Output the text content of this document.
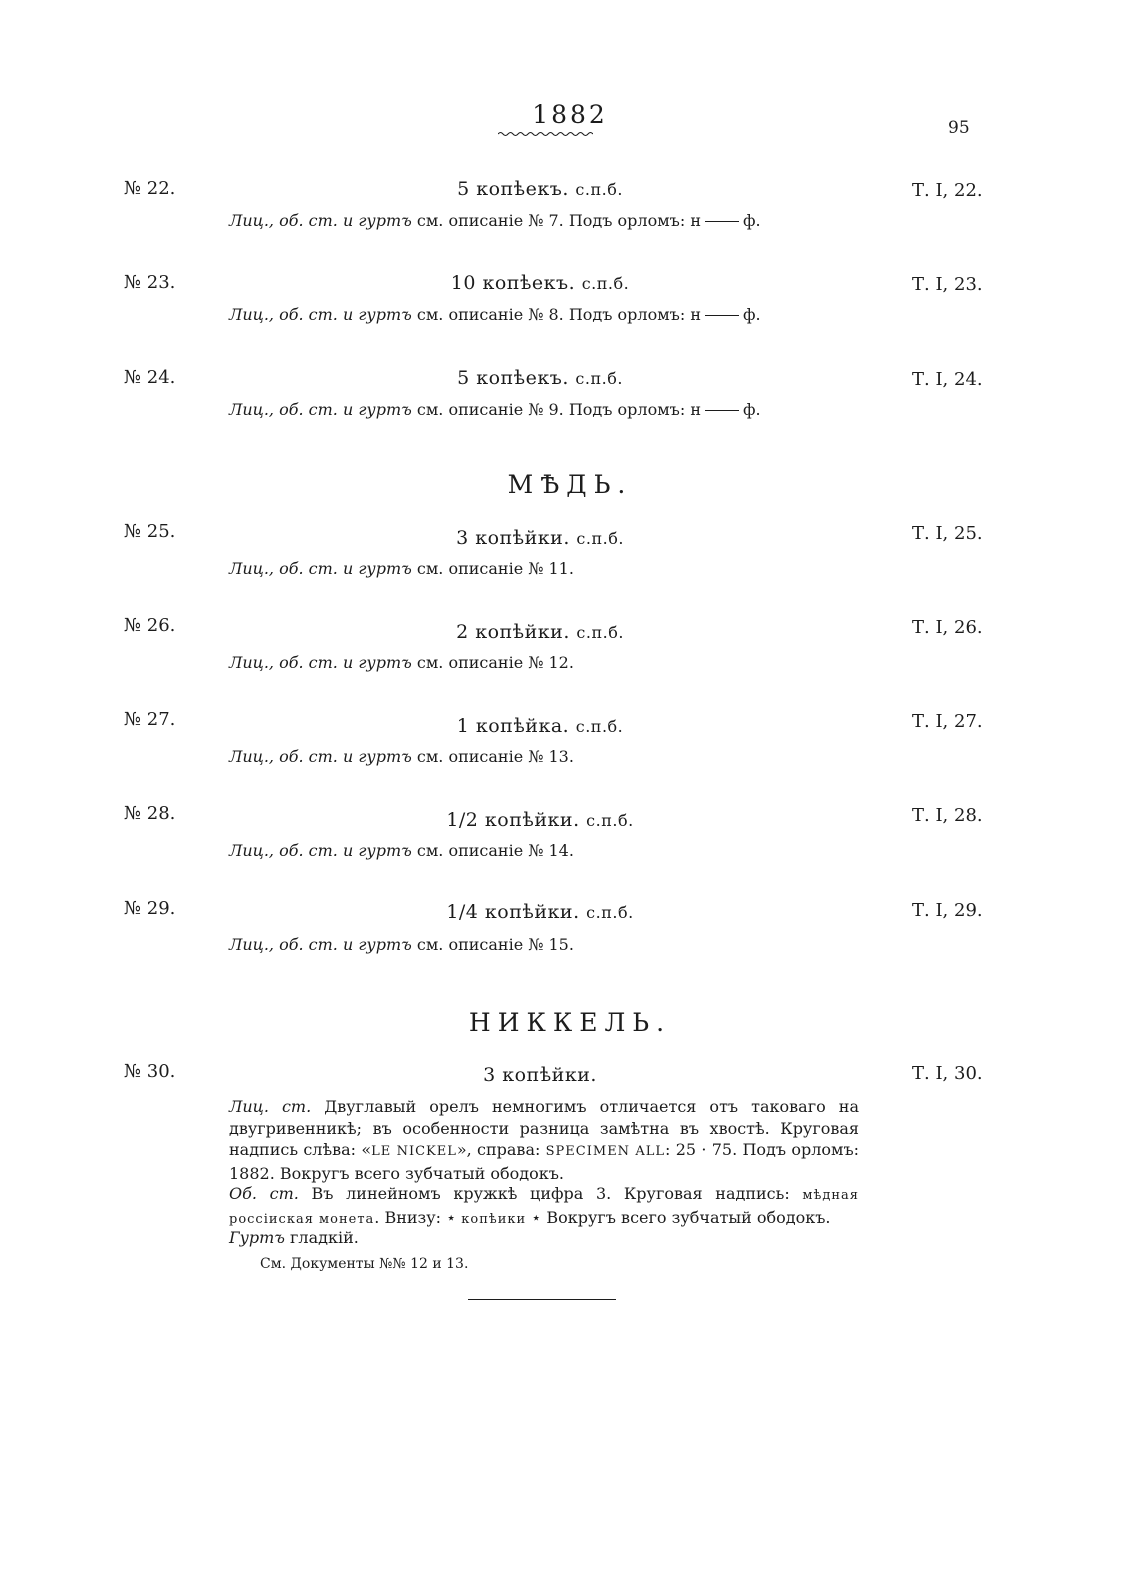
1882	95
№ 22.	5 копѣекъ. с.п.б.	Т. I, 22.
Лиц., об. ст. и гуртъ см. описаніе № 7. Подъ орломъ: н	ф.
№ 23.	10 копѣекъ. с.п.б.	Т. I, 23.
Лиц., об. ст. и гуртъ см. описаніе № 8. Подъ орломъ: н	ф.
№ 24.	5 копѣекъ. с.п.б.	Т. I, 24.
Лиц., об. ст. и гуртъ см. описаніе № 9. Подъ орломъ: н	ф.
МѢДЬ.
№ 25.	3 копѣйки. с.п.б.	Т. I, 25.
Лиц., об. ст. и гуртъ см. описаніе № 11.
№ 26.	2 копѣйки. с.п.б.	Т. I, 26.
Лиц., об. ст. и гуртъ см. описаніе № 12.
№ 27.	1 копѣйка. с.п.б.	Т. I, 27.
Лиц., об. ст. и гуртъ см. описаніе № 13.
№ 28.	1/2 копѣйки. с.п.б.	Т. I, 28.
Лиц., об. ст. и гуртъ см. описаніе № 14.
№ 29.	1/4 копѣйки. с.п.б.	Т. I, 29.
Лиц., об. ст. и гуртъ см. описаніе № 15.
НИККЕЛЬ.
№ 30.	3 копѣйки.	Т. I, 30.
Лиц. ст. Двуглавый орелъ немногимъ отличается отъ таковаго на двугривенникѣ; въ особенности разница замѣтна въ хвостѣ. Круговая надпись слѣва: «LE NICKEL», справа: SPECIMEN ALL: 25 · 75. Подъ орломъ: 1882. Вокругъ всего зубчатый ободокъ.
Об. ст. Въ линейномъ кружкѣ цифра 3. Круговая надпись: мѣдная россiиская монета. Внизу: ⋆ копѣики ⋆ Вокругъ всего зубчатый ободокъ.
Гуртъ гладкій.
См. Документы №№ 12 и 13.
